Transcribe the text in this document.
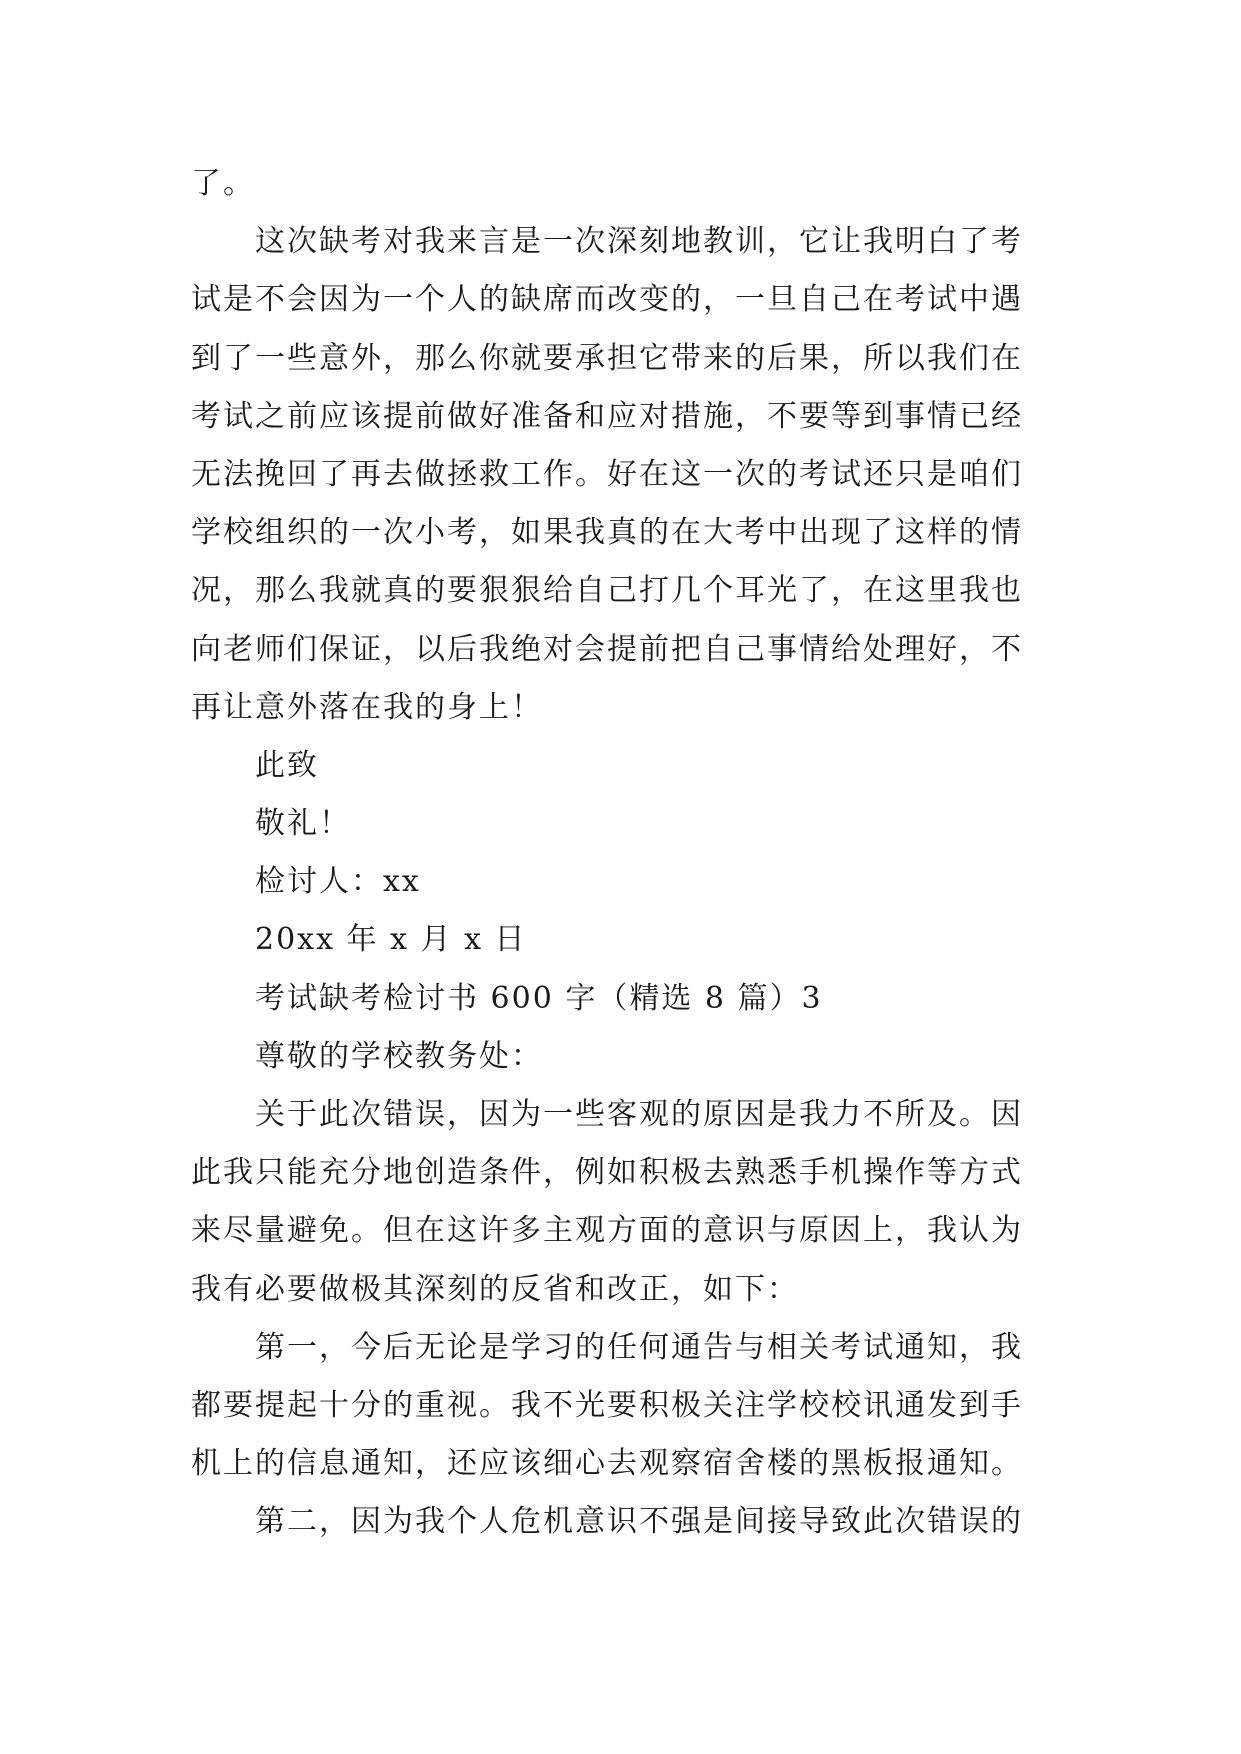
了。
这次缺考对我来言是一次深刻地教训，它让我明白了考
试是不会因为一个人的缺席而改变的，一旦自己在考试中遇
到了一些意外，那么你就要承担它带来的后果，所以我们在
考试之前应该提前做好准备和应对措施，不要等到事情已经
无法挽回了再去做拯救工作。好在这一次的考试还只是咱们
学校组织的一次小考，如果我真的在大考中出现了这样的情
况，那么我就真的要狠狠给自己打几个耳光了，在这里我也
向老师们保证，以后我绝对会提前把自己事情给处理好，不
再让意外落在我的身上！
此致
敬礼！
检讨人：xx
20xx 年 x 月 x 日
考试缺考检讨书 600 字（精选 8 篇）3
尊敬的学校教务处：
关于此次错误，因为一些客观的原因是我力不所及。因
此我只能充分地创造条件，例如积极去熟悉手机操作等方式
来尽量避免。但在这许多主观方面的意识与原因上，我认为
我有必要做极其深刻的反省和改正，如下：
第一，今后无论是学习的任何通告与相关考试通知，我
都要提起十分的重视。我不光要积极关注学校校讯通发到手
机上的信息通知，还应该细心去观察宿舍楼的黑板报通知。
第二，因为我个人危机意识不强是间接导致此次错误的
